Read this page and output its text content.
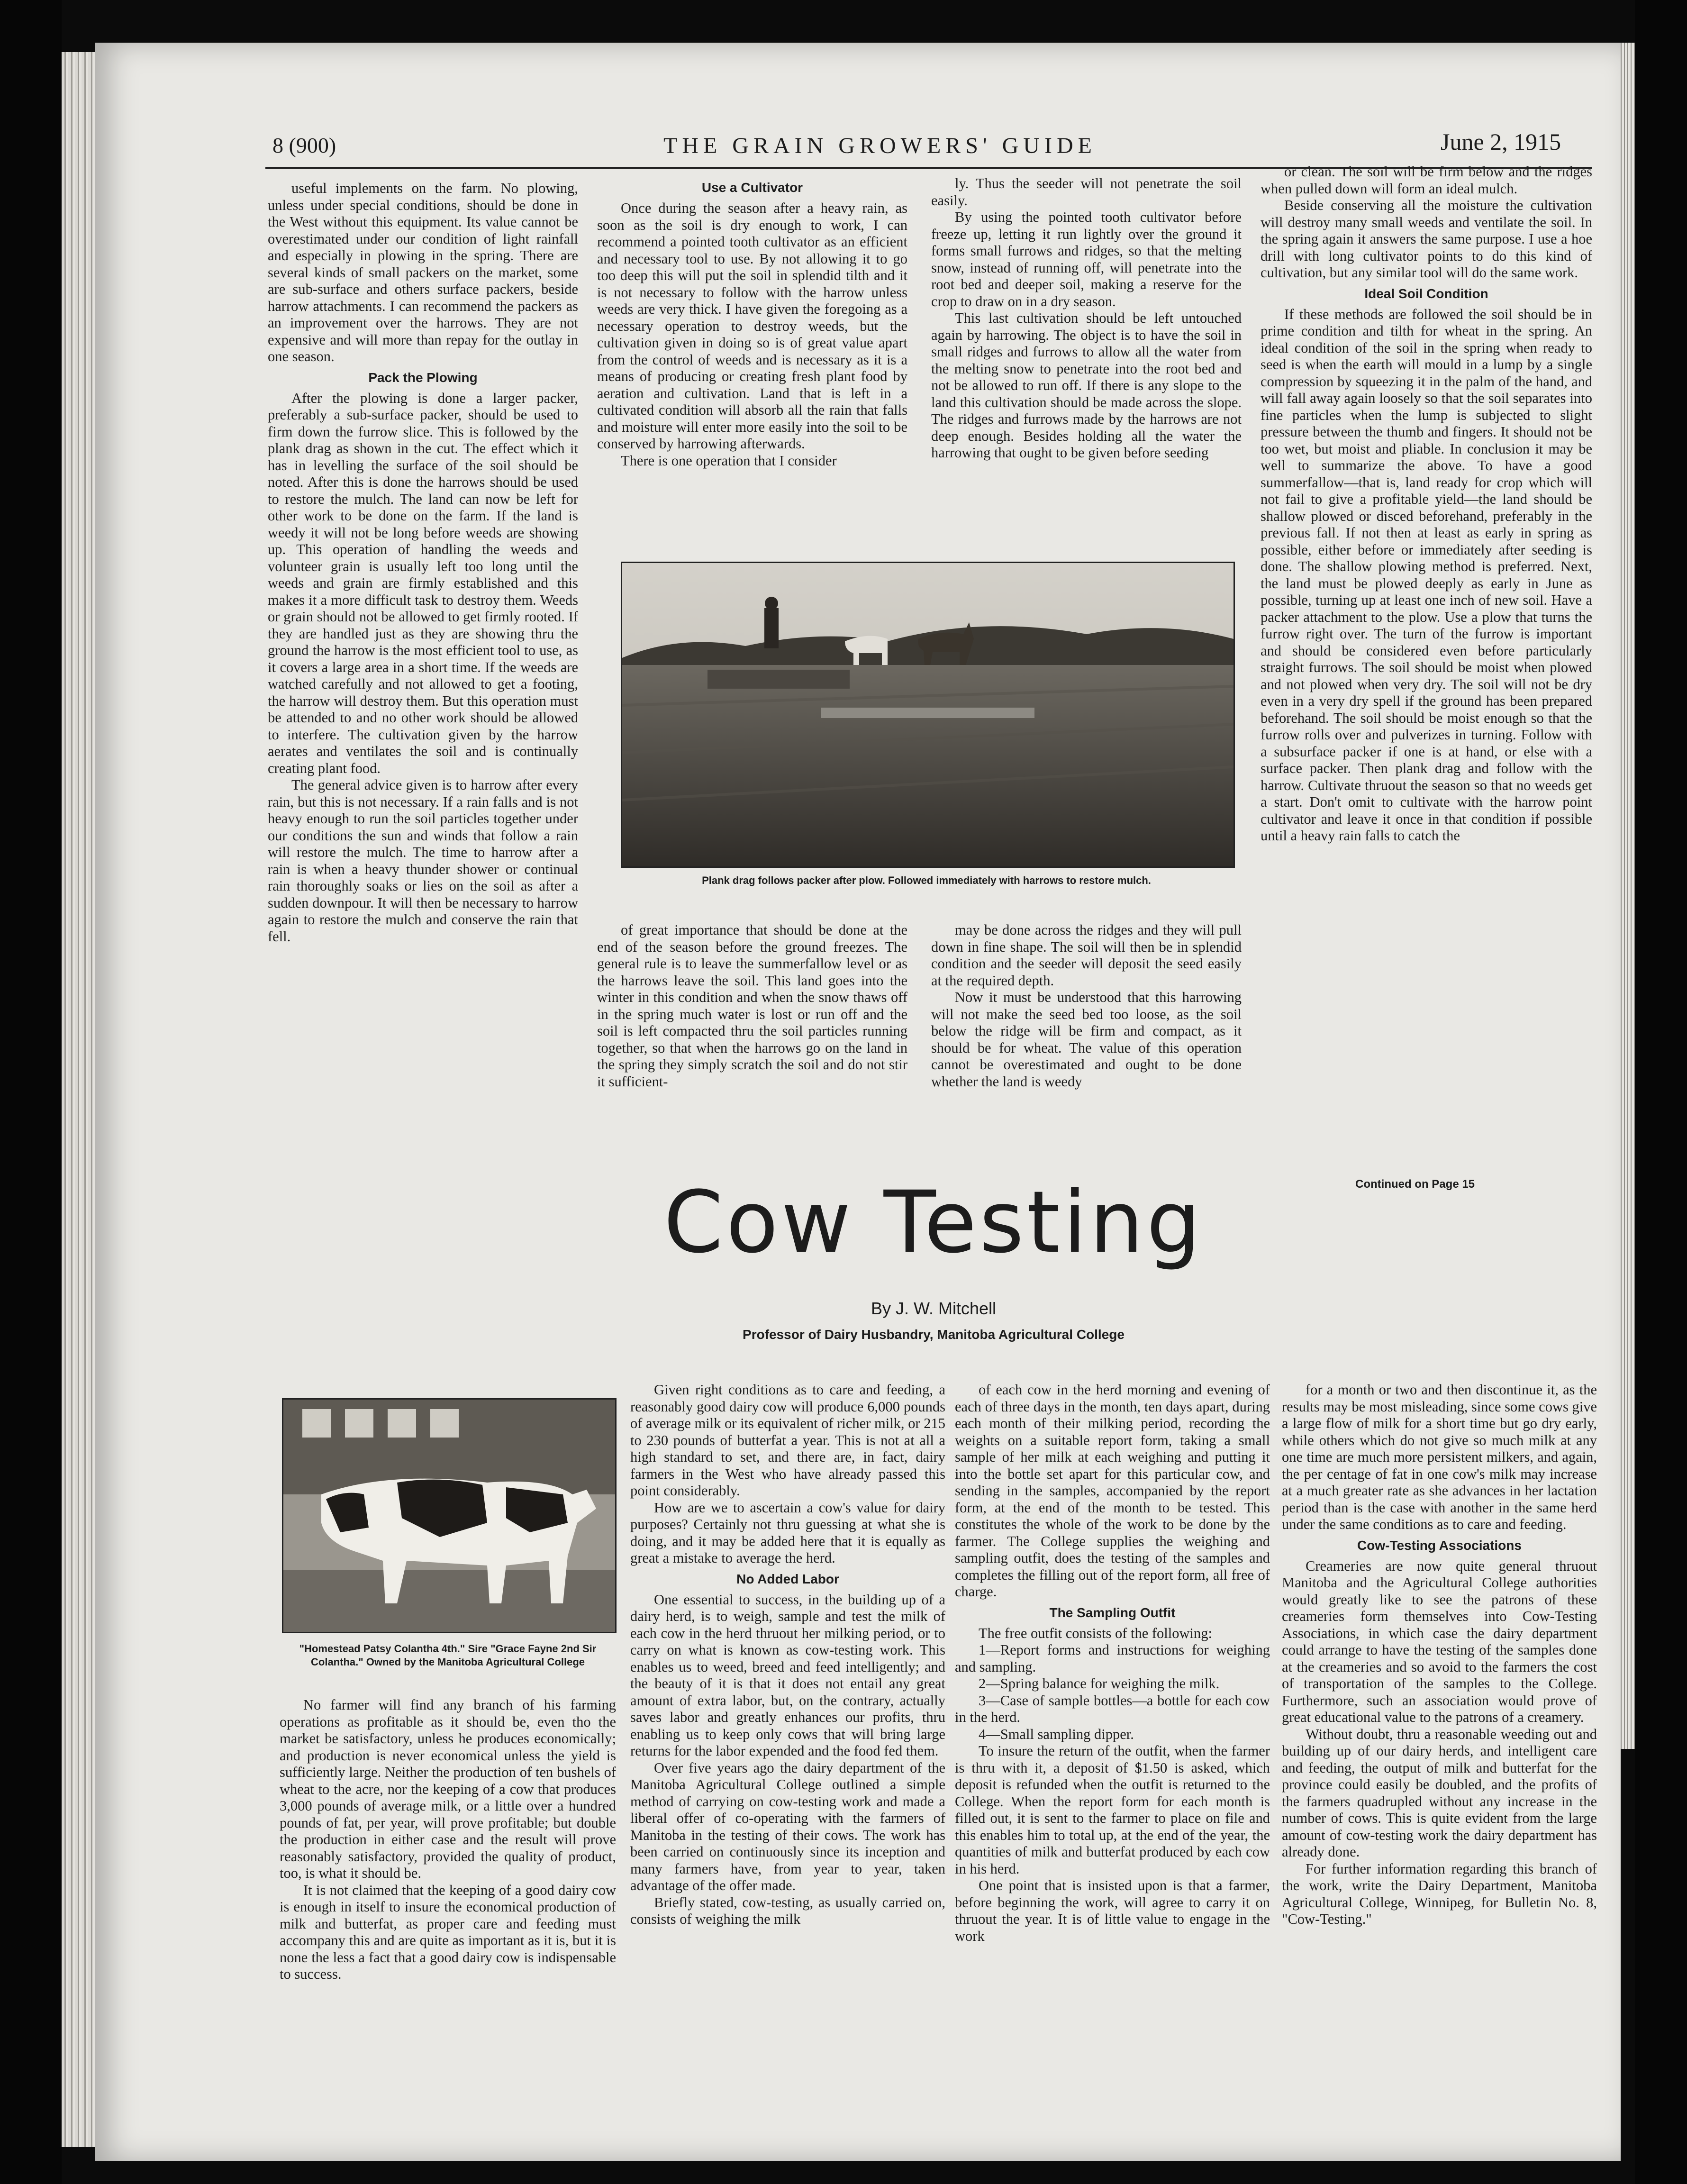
8 (900)	THE GRAIN GROWERS' GUIDE	June 2, 1915

useful implements on the farm. No plowing, unless under special conditions, should be done in the West without this equipment. Its value cannot be overestimated under our condition of light rainfall and especially in plowing in the spring. There are several kinds of small packers on the market, some are sub-surface and others surface packers, beside harrow attachments. I can recommend the packers as an improvement over the harrows. They are not expensive and will more than repay for the outlay in one season.

Pack the Plowing

After the plowing is done a larger packer, preferably a sub-surface packer, should be used to firm down the furrow slice. This is followed by the plank drag as shown in the cut. The effect which it has in levelling the surface of the soil should be noted. After this is done the harrows should be used to restore the mulch. The land can now be left for other work to be done on the farm. If the land is weedy it will not be long before weeds are showing up. This operation of handling the weeds and volunteer grain is usually left too long until the weeds and grain are firmly established and this makes it a more difficult task to destroy them. Weeds or grain should not be allowed to get firmly rooted. If they are handled just as they are showing thru the ground the harrow is the most efficient tool to use, as it covers a large area in a short time. If the weeds are watched carefully and not allowed to get a footing, the harrow will destroy them. But this operation must be attended to and no other work should be allowed to interfere. The cultivation given by the harrow aerates and ventilates the soil and is continually creating plant food.

The general advice given is to harrow after every rain, but this is not necessary. If a rain falls and is not heavy enough to run the soil particles together under our conditions the sun and winds that follow a rain will restore the mulch. The time to harrow after a rain is when a heavy thunder shower or continual rain thoroughly soaks or lies on the soil as after a sudden downpour. It will then be necessary to harrow again to restore the mulch and conserve the rain that fell.

Use a Cultivator

Once during the season after a heavy rain, as soon as the soil is dry enough to work, I can recommend a pointed tooth cultivator as an efficient and necessary tool to use. By not allowing it to go too deep this will put the soil in splendid tilth and it is not necessary to follow with the harrow unless weeds are very thick. I have given the foregoing as a necessary operation to destroy weeds, but the cultivation given in doing so is of great value apart from the control of weeds and is necessary as it is a means of producing or creating fresh plant food by aeration and cultivation. Land that is left in a cultivated condition will absorb all the rain that falls and moisture will enter more easily into the soil to be conserved by harrowing afterwards.

There is one operation that I consider

ly. Thus the seeder will not penetrate the soil easily.

By using the pointed tooth cultivator before freeze up, letting it run lightly over the ground it forms small furrows and ridges, so that the melting snow, instead of running off, will penetrate into the root bed and deeper soil, making a reserve for the crop to draw on in a dry season.

This last cultivation should be left untouched again by harrowing. The object is to have the soil in small ridges and furrows to allow all the water from the melting snow to penetrate into the root bed and not be allowed to run off. If there is any slope to the land this cultivation should be made across the slope. The ridges and furrows made by the harrows are not deep enough. Besides holding all the water the harrowing that ought to be given before seeding

Plank drag follows packer after plow. Followed immediately with harrows to restore mulch.

of great importance that should be done at the end of the season before the ground freezes. The general rule is to leave the summerfallow level or as the harrows leave the soil. This land goes into the winter in this condition and when the snow thaws off in the spring much water is lost or run off and the soil is left compacted thru the soil particles running together, so that when the harrows go on the land in the spring they simply scratch the soil and do not stir it sufficient-

may be done across the ridges and they will pull down in fine shape. The soil will then be in splendid condition and the seeder will deposit the seed easily at the required depth.

Now it must be understood that this harrowing will not make the seed bed too loose, as the soil below the ridge will be firm and compact, as it should be for wheat. The value of this operation cannot be overestimated and ought to be done whether the land is weedy

or clean. The soil will be firm below and the ridges when pulled down will form an ideal mulch.

Beside conserving all the moisture the cultivation will destroy many small weeds and ventilate the soil. In the spring again it answers the same purpose. I use a hoe drill with long cultivator points to do this kind of cultivation, but any similar tool will do the same work.

Ideal Soil Condition

If these methods are followed the soil should be in prime condition and tilth for wheat in the spring. An ideal condition of the soil in the spring when ready to seed is when the earth will mould in a lump by a single compression by squeezing it in the palm of the hand, and will fall away again loosely so that the soil separates into fine particles when the lump is subjected to slight pressure between the thumb and fingers. It should not be too wet, but moist and pliable. In conclusion it may be well to summarize the above. To have a good summerfallow—that is, land ready for crop which will not fail to give a profitable yield—the land should be shallow plowed or disced beforehand, preferably in the previous fall. If not then at least as early in spring as possible, either before or immediately after seeding is done. The shallow plowing method is preferred. Next, the land must be plowed deeply as early in June as possible, turning up at least one inch of new soil. Have a packer attachment to the plow. Use a plow that turns the furrow right over. The turn of the furrow is important and should be considered even before particularly straight furrows. The soil should be moist when plowed and not plowed when very dry. The soil will not be dry even in a very dry spell if the ground has been prepared beforehand. The soil should be moist enough so that the furrow rolls over and pulverizes in turning. Follow with a subsurface packer if one is at hand, or else with a surface packer. Then plank drag and follow with the harrow. Cultivate thruout the season so that no weeds get a start. Don't omit to cultivate with the harrow point cultivator and leave it once in that condition if possible until a heavy rain falls to catch the

Continued on Page 15
Cow Testing
By J. W. Mitchell
Professor of Dairy Husbandry, Manitoba Agricultural College
"Homestead Patsy Colantha 4th." Sire "Grace Fayne 2nd Sir Colantha." Owned by the Manitoba Agricultural College

No farmer will find any branch of his farming operations as profitable as it should be, even tho the market be satisfactory, unless he produces economically; and production is never economical unless the yield is sufficiently large. Neither the production of ten bushels of wheat to the acre, nor the keeping of a cow that produces 3,000 pounds of average milk, or a little over a hundred pounds of fat, per year, will prove profitable; but double the production in either case and the result will prove reasonably satisfactory, provided the quality of product, too, is what it should be.

It is not claimed that the keeping of a good dairy cow is enough in itself to insure the economical production of milk and butterfat, as proper care and feeding must accompany this and are quite as important as it is, but it is none the less a fact that a good dairy cow is indispensable to success.

Given right conditions as to care and feeding, a reasonably good dairy cow will produce 6,000 pounds of average milk or its equivalent of richer milk, or 215 to 230 pounds of butterfat a year. This is not at all a high standard to set, and there are, in fact, dairy farmers in the West who have already passed this point considerably.

How are we to ascertain a cow's value for dairy purposes? Certainly not thru guessing at what she is doing, and it may be added here that it is equally as great a mistake to average the herd.

No Added Labor

One essential to success, in the building up of a dairy herd, is to weigh, sample and test the milk of each cow in the herd thruout her milking period, or to carry on what is known as cow-testing work. This enables us to weed, breed and feed intelligently; and the beauty of it is that it does not entail any great amount of extra labor, but, on the contrary, actually saves labor and greatly enhances our profits, thru enabling us to keep only cows that will bring large returns for the labor expended and the food fed them.

Over five years ago the dairy department of the Manitoba Agricultural College outlined a simple method of carrying on cow-testing work and made a liberal offer of co-operating with the farmers of Manitoba in the testing of their cows. The work has been carried on continuously since its inception and many farmers have, from year to year, taken advantage of the offer made.

Briefly stated, cow-testing, as usually carried on, consists of weighing the milk

of each cow in the herd morning and evening of each of three days in the month, ten days apart, during each month of their milking period, recording the weights on a suitable report form, taking a small sample of her milk at each weighing and putting it into the bottle set apart for this particular cow, and sending in the samples, accompanied by the report form, at the end of the month to be tested. This constitutes the whole of the work to be done by the farmer. The College supplies the weighing and sampling outfit, does the testing of the samples and completes the filling out of the report form, all free of charge.

The Sampling Outfit

The free outfit consists of the following:

1—Report forms and instructions for weighing and sampling.

2—Spring balance for weighing the milk.

3—Case of sample bottles—a bottle for each cow in the herd.

4—Small sampling dipper.

To insure the return of the outfit, when the farmer is thru with it, a deposit of $1.50 is asked, which deposit is refunded when the outfit is returned to the College. When the report form for each month is filled out, it is sent to the farmer to place on file and this enables him to total up, at the end of the year, the quantities of milk and butterfat produced by each cow in his herd.

One point that is insisted upon is that a farmer, before beginning the work, will agree to carry it on thruout the year. It is of little value to engage in the work

for a month or two and then discontinue it, as the results may be most misleading, since some cows give a large flow of milk for a short time but go dry early, while others which do not give so much milk at any one time are much more persistent milkers, and again, the per centage of fat in one cow's milk may increase at a much greater rate as she advances in her lactation period than is the case with another in the same herd under the same conditions as to care and feeding.

Cow-Testing Associations

Creameries are now quite general thruout Manitoba and the Agricultural College authorities would greatly like to see the patrons of these creameries form themselves into Cow-Testing Associations, in which case the dairy department could arrange to have the testing of the samples done at the creameries and so avoid to the farmers the cost of transportation of the samples to the College. Furthermore, such an association would prove of great educational value to the patrons of a creamery.

Without doubt, thru a reasonable weeding out and building up of our dairy herds, and intelligent care and feeding, the output of milk and butterfat for the province could easily be doubled, and the profits of the farmers quadrupled without any increase in the number of cows. This is quite evident from the large amount of cow-testing work the dairy department has already done.

For further information regarding this branch of the work, write the Dairy Department, Manitoba Agricultural College, Winnipeg, for Bulletin No. 8, "Cow-Testing."
